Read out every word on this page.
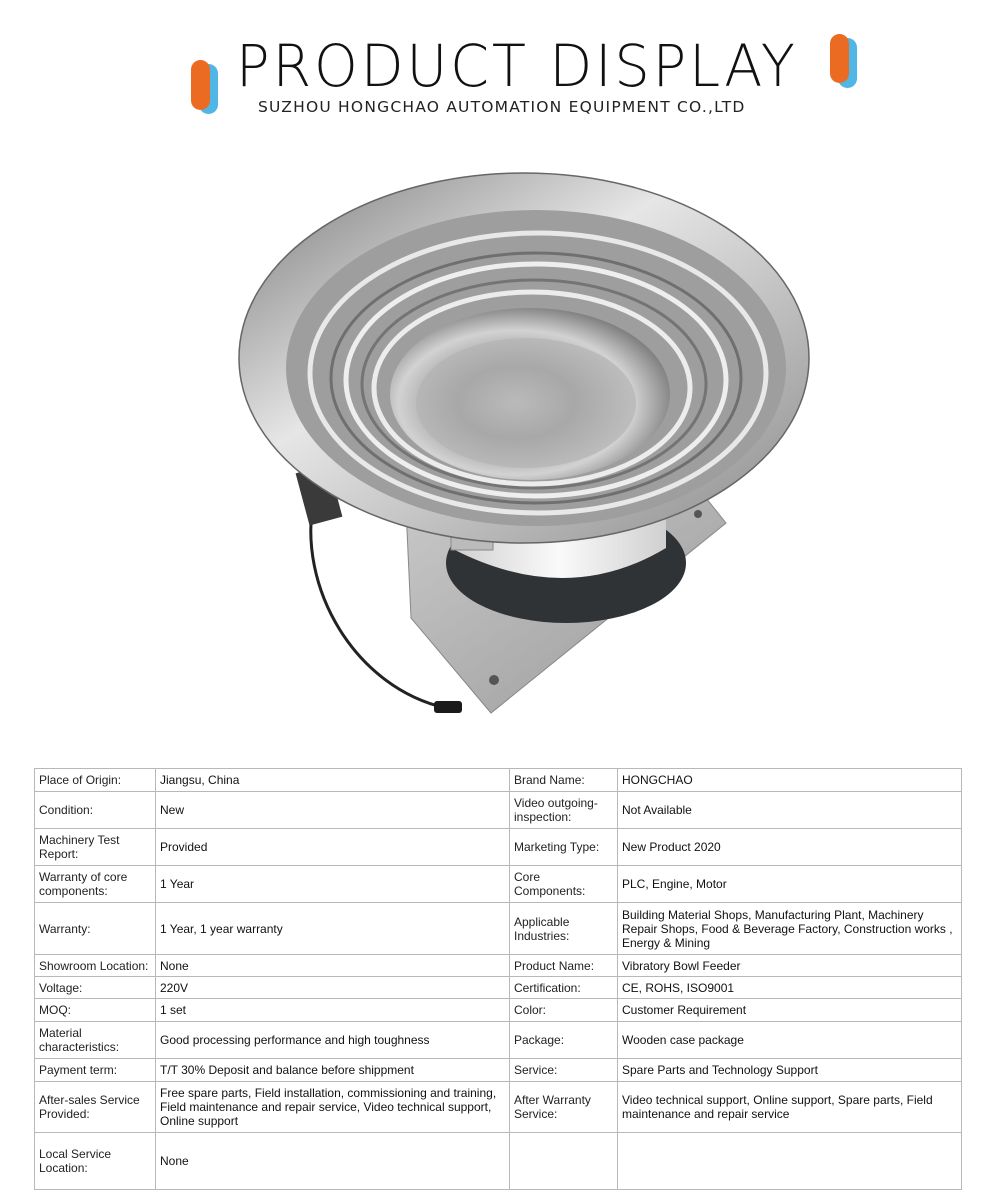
PRODUCT DISPLAY
SUZHOU HONGCHAO AUTOMATION EQUIPMENT CO.,LTD
Place of Origin:	Jiangsu, China	Brand Name:	HONGCHAO
Condition:	New	Video outgoing-inspection:	Not Available
Machinery Test Report:	Provided	Marketing Type:	New Product 2020
Warranty of core components:	1 Year	Core Components:	PLC, Engine, Motor
Warranty:	1 Year, 1 year warranty	Applicable Industries:	Building Material Shops, Manufacturing Plant, Machinery Repair Shops, Food & Beverage Factory, Construction works , Energy & Mining
Showroom Location:	None	Product Name:	Vibratory Bowl Feeder
Voltage:	220V	Certification:	CE, ROHS, ISO9001
MOQ:	1 set	Color:	Customer Requirement
Material characteristics:	Good processing performance and high toughness	Package:	Wooden case package
Payment term:	T/T 30% Deposit and balance before shippment	Service:	Spare Parts and Technology Support
After-sales Service Provided:	Free spare parts, Field installation, commissioning and training, Field maintenance and repair service, Video technical support, Online support	After Warranty Service:	Video technical support, Online support, Spare parts, Field maintenance and repair service
Local Service Location:	None		
